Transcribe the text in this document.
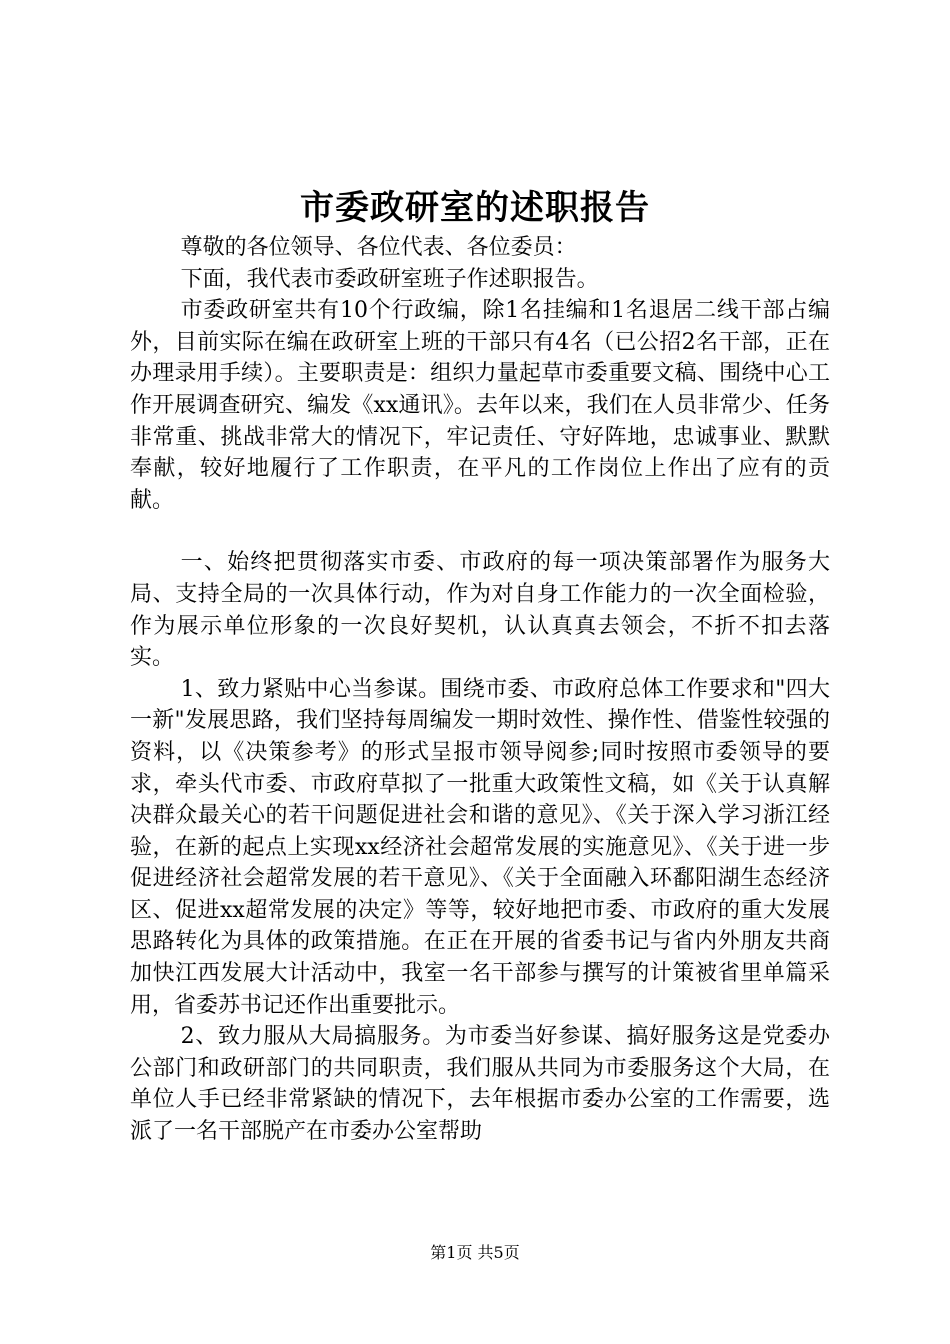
市委政研室的述职报告

尊敬的各位领导、各位代表、各位委员：

下面，我代表市委政研室班子作述职报告。

市委政研室共有10个行政编，除1名挂编和1名退居二线干部占编外，目前实际在编在政研室上班的干部只有4名（已公招2名干部，正在办理录用手续）。主要职责是：组织力量起草市委重要文稿、围绕中心工作开展调查研究、编发《xx通讯》。去年以来，我们在人员非常少、任务非常重、挑战非常大的情况下，牢记责任、守好阵地，忠诚事业、默默奉献，较好地履行了工作职责，在平凡的工作岗位上作出了应有的贡献。

一、始终把贯彻落实市委、市政府的每一项决策部署作为服务大局、支持全局的一次具体行动，作为对自身工作能力的一次全面检验，作为展示单位形象的一次良好契机，认认真真去领会，不折不扣去落实。

1、致力紧贴中心当参谋。围绕市委、市政府总体工作要求和"四大一新"发展思路，我们坚持每周编发一期时效性、操作性、借鉴性较强的资料，以《决策参考》的形式呈报市领导阅参;同时按照市委领导的要求，牵头代市委、市政府草拟了一批重大政策性文稿，如《关于认真解决群众最关心的若干问题促进社会和谐的意见》、《关于深入学习浙江经验，在新的起点上实现xx经济社会超常发展的实施意见》、《关于进一步促进经济社会超常发展的若干意见》、《关于全面融入环鄱阳湖生态经济区、促进xx超常发展的决定》等等，较好地把市委、市政府的重大发展思路转化为具体的政策措施。在正在开展的省委书记与省内外朋友共商加快江西发展大计活动中，我室一名干部参与撰写的计策被省里单篇采用，省委苏书记还作出重要批示。

2、致力服从大局搞服务。为市委当好参谋、搞好服务这是党委办公部门和政研部门的共同职责，我们服从共同为市委服务这个大局，在单位人手已经非常紧缺的情况下，去年根据市委办公室的工作需要，选派了一名干部脱产在市委办公室帮助

第1页 共5页
